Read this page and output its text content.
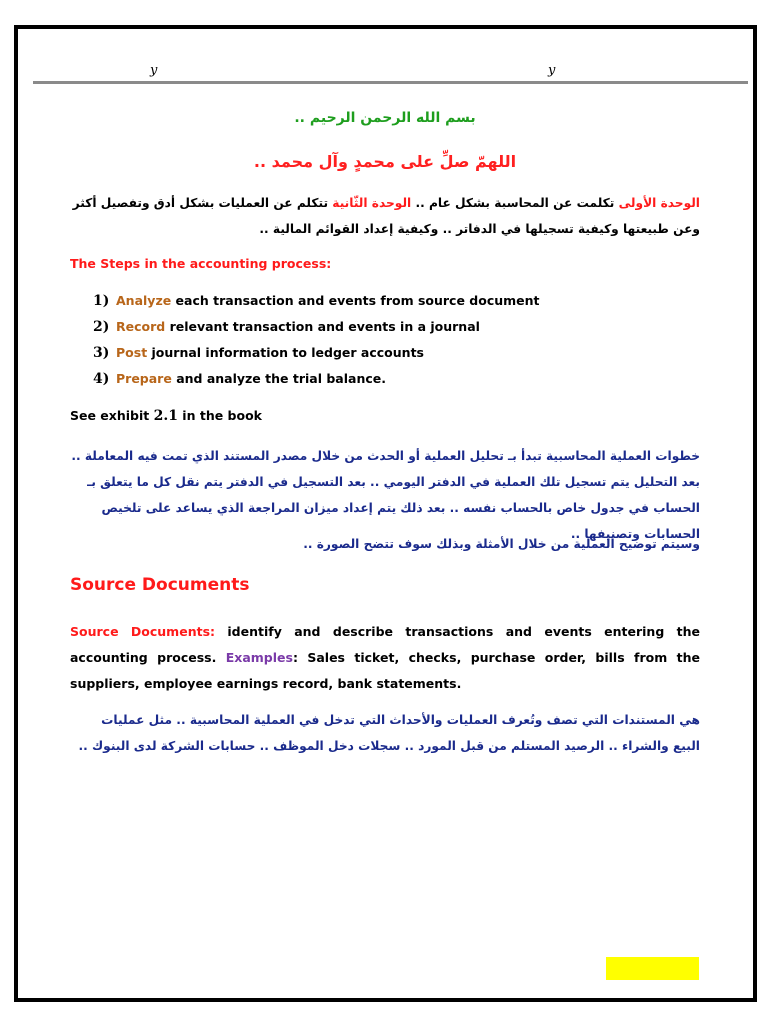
y	y
بسم الله الرحمن الرحيم ..
اللهمّ صلِّ على محمدٍ وآل محمد ..
الوحدة الأولى تكلمت عن المحاسبة بشكل عام .. الوحدة الثّانية تتكلم عن العمليات بشكل أدق وتفصيل أكثر وعن طبيعتها وكيفية تسجيلها في الدفاتر .. وكيفية إعداد القوائم المالية ..
The Steps in the accounting process:
1) Analyze each transaction and events from source document
2) Record relevant transaction and events in a journal
3) Post journal information to ledger accounts
4) Prepare and analyze the trial balance.
See exhibit 2.1 in the book
خطوات العملية المحاسبية تبدأ بـ تحليل العملية أو الحدث من خلال مصدر المستند الذي تمت فيه المعاملة .. بعد التحليل يتم تسجيل تلك العملية في الدفتر اليومي .. بعد التسجيل في الدفتر يتم نقل كل ما يتعلق بـ الحساب في جدول خاص بالحساب نفسه .. بعد ذلك يتم إعداد ميزان المراجعة الذي يساعد على تلخيص الحسابات وتصنيفها ..
وسيتم توضيح العملية من خلال الأمثلة وبذلك سوف تتضح الصورة ..
Source Documents
Source Documents: identify and describe transactions and events entering the accounting process. Examples: Sales ticket, checks, purchase order, bills from the suppliers, employee earnings record, bank statements.
هي المستندات التي تصف وتُعرف العمليات والأحداث التي تدخل في العملية المحاسبية .. مثل عمليات البيع والشراء .. الرصيد المستلم من قبل المورد .. سجلات دخل الموظف .. حسابات الشركة لدى البنوك ..
